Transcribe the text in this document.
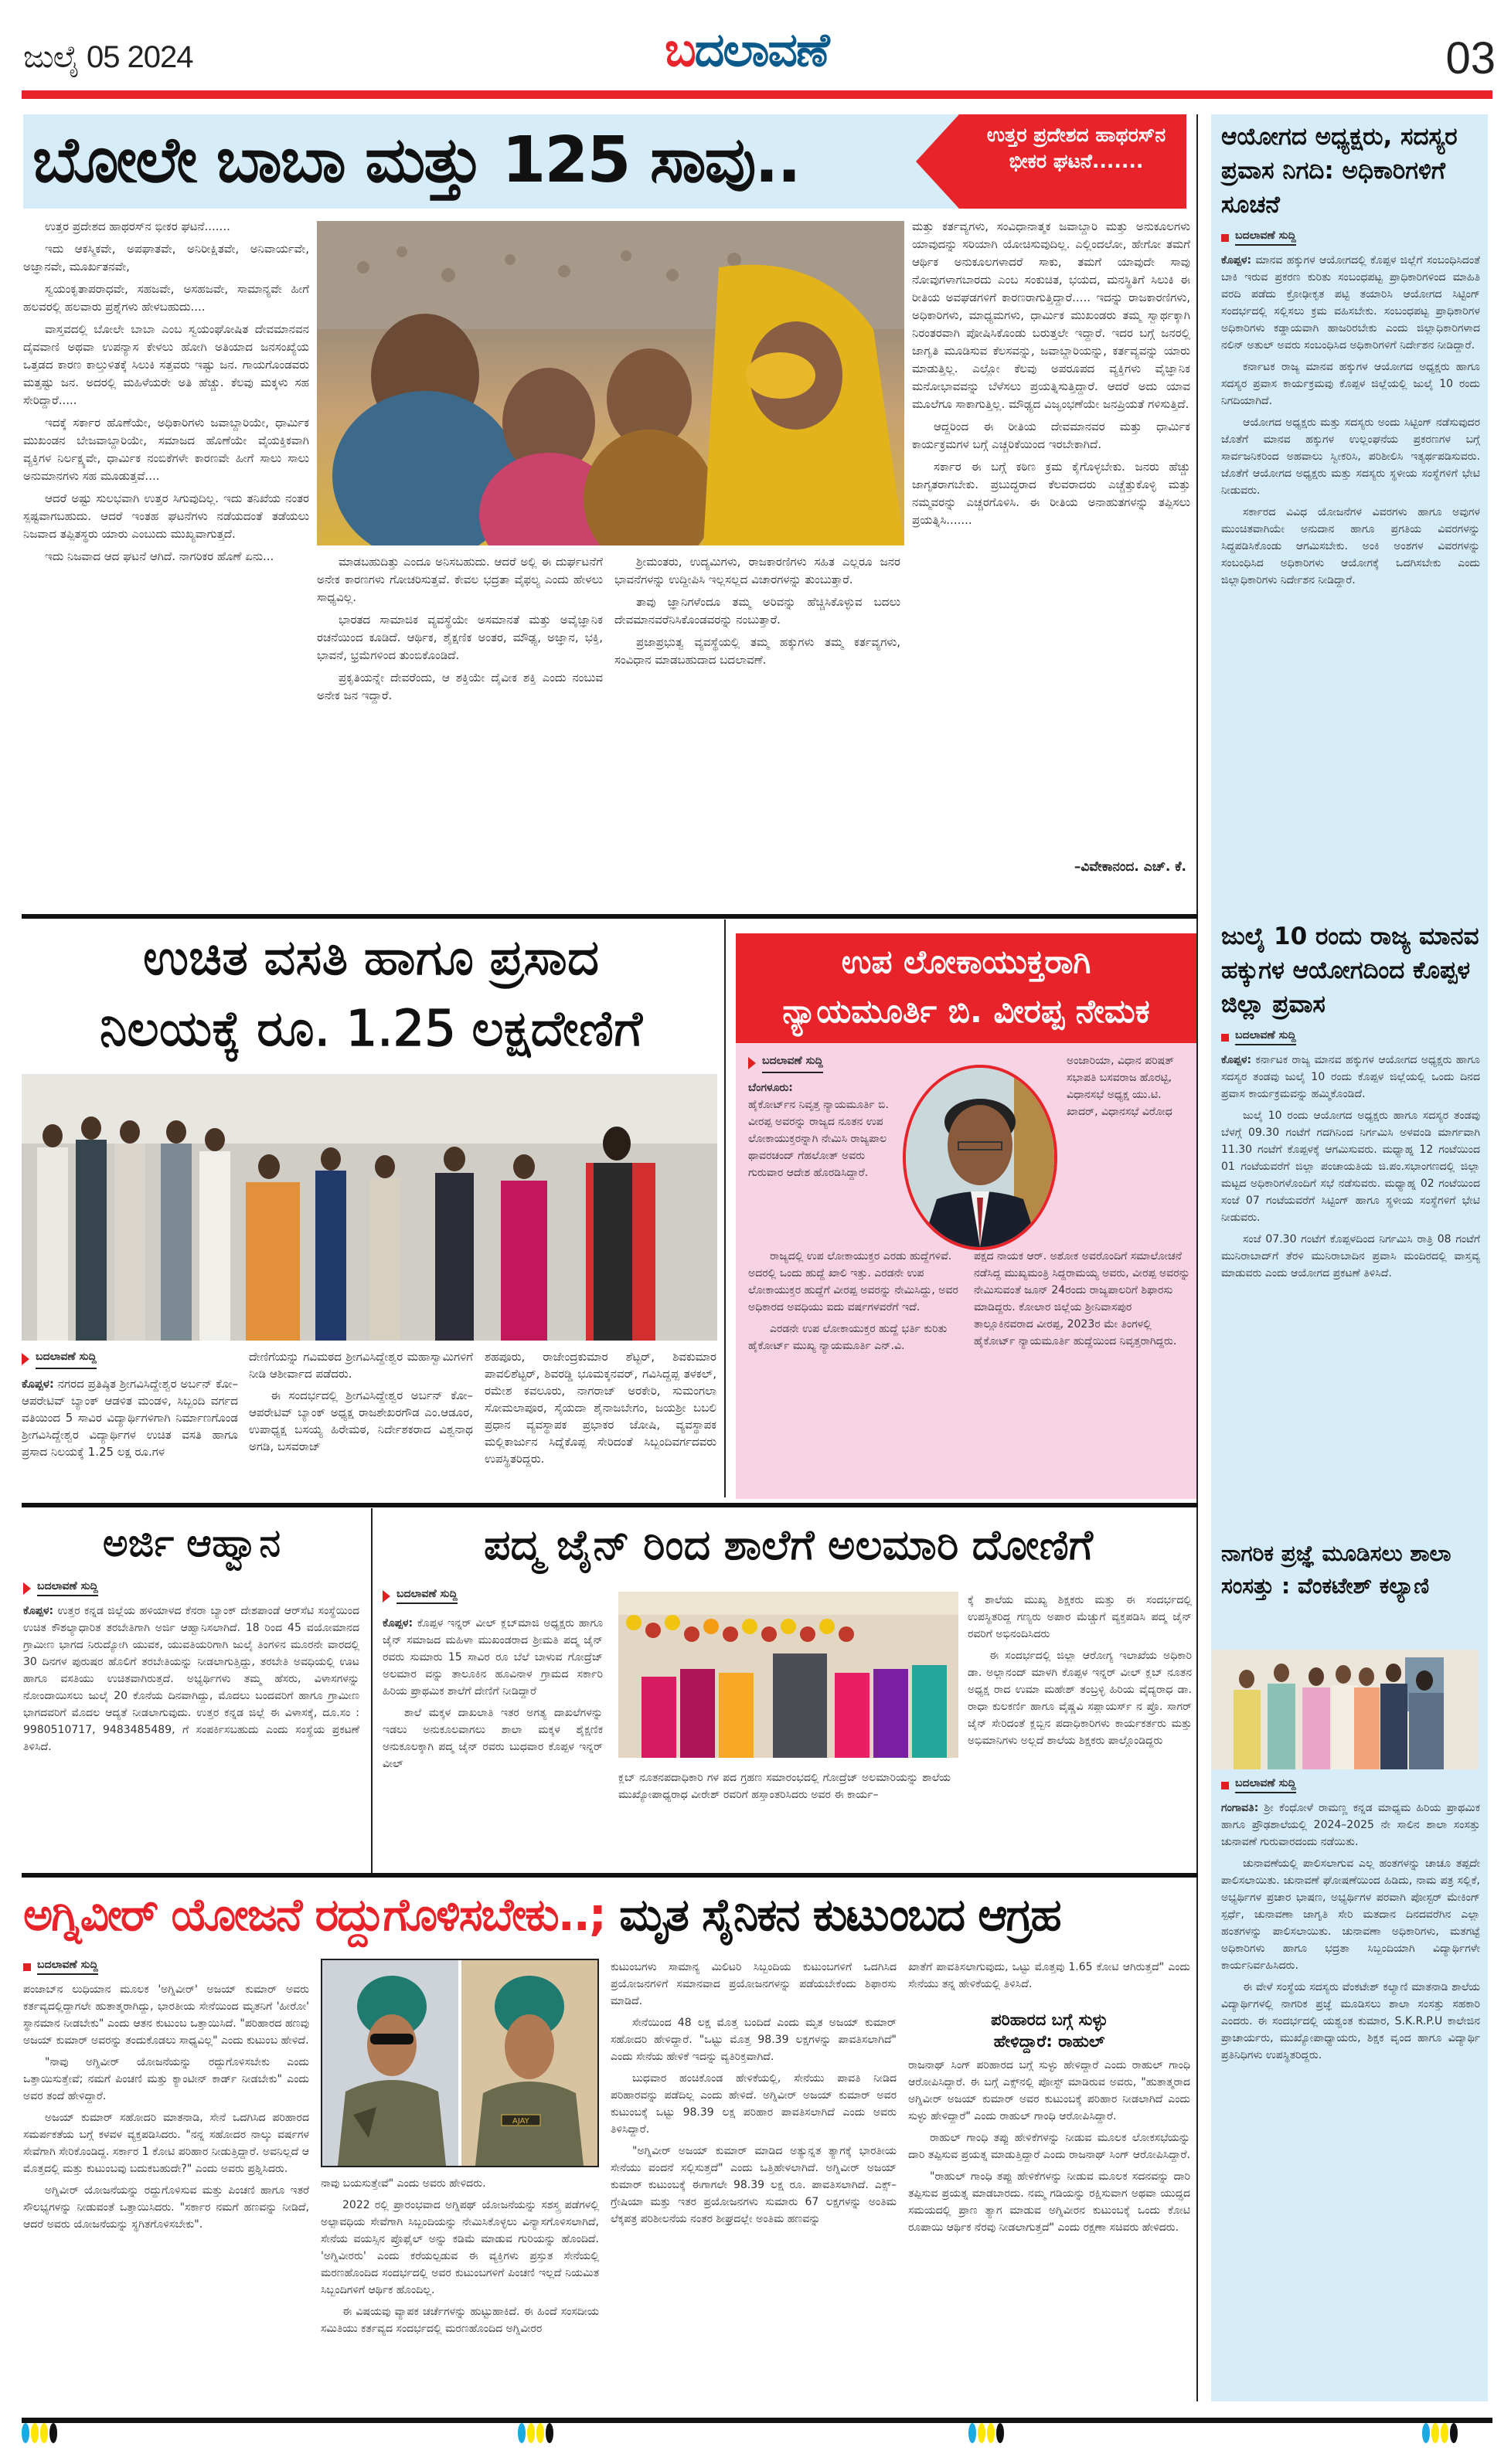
ಜುಲೈ 05 2024	ಬದಲಾವಣೆ	03
ಬೋಲೇ ಬಾಬಾ ಮತ್ತು 125 ಸಾವು..	ಉತ್ತರ ಪ್ರದೇಶದ ಹಾಥರಸ್‌ನ ಭೀಕರ ಘಟನೆ.......

ಉತ್ತರ ಪ್ರದೇಶದ ಹಾಥರಸ್‌ನ ಭೀಕರ ಘಟನೆ.......

ಇದು ಆಕಸ್ಮಿಕವೇ, ಅಪಘಾತವೇ, ಅನಿರೀಕ್ಷಿತವೇ, ಅನಿವಾರ್ಯವೇ, ಅಜ್ಞಾನವೇ, ಮೂರ್ಖತನವೇ,

ಸ್ವಯಂಕೃತಾಪರಾಧವೇ, ಸಹಜವೇ, ಅಸಹಜವೇ, ಸಾಮಾನ್ಯವೇ ಹೀಗೆ ಹಲವರಲ್ಲಿ ಹಲವಾರು ಪ್ರಶ್ನೆಗಳು ಹೇಳಬಹುದು....

ವಾಸ್ತವದಲ್ಲಿ ಬೋಲೇ ಬಾಬಾ ಎಂಬ ಸ್ವಯಂಘೋಷಿತ ದೇವಮಾನವನ ದೈವವಾಣಿ ಅಥವಾ ಉಪನ್ಯಾಸ ಕೇಳಲು ಹೋಗಿ ಅತಿಯಾದ ಜನಸಂಖ್ಯೆಯ ಒತ್ತಡದ ಕಾರಣ ಕಾಲ್ತುಳಿತಕ್ಕೆ ಸಿಲುಕಿ ಸತ್ತವರು ಇಷ್ಟು ಜನ. ಗಾಯಗೊಂಡವರು ಮತ್ತಷ್ಟು ಜನ. ಅದರಲ್ಲಿ ಮಹಿಳೆಯರೇ ಅತಿ ಹೆಚ್ಚು. ಕೆಲವು ಮಕ್ಕಳು ಸಹ ಸೇರಿದ್ದಾರೆ.....

ಇದಕ್ಕೆ ಸರ್ಕಾರ ಹೊಣೆಯೇ, ಅಧಿಕಾರಿಗಳು ಜವಾಬ್ದಾರಿಯೇ, ಧಾರ್ಮಿಕ ಮುಖಂಡನ ಬೇಜವಾಬ್ದಾರಿಯೇ, ಸಮಾಜದ ಹೊಣೆಯೇ ವೈಯಕ್ತಿಕವಾಗಿ ವ್ಯಕ್ತಿಗಳ ನಿರ್ಲಕ್ಷ್ಯವೇ, ಧಾರ್ಮಿಕ ನಂಬಿಕೆಗಳೇ ಕಾರಣವೇ ಹೀಗೆ ಸಾಲು ಸಾಲು ಅನುಮಾನಗಳು ಸಹ ಮೂಡುತ್ತವೆ....

ಆದರೆ ಅಷ್ಟು ಸುಲಭವಾಗಿ ಉತ್ತರ ಸಿಗುವುದಿಲ್ಲ. ಇದು ತನಿಖೆಯ ನಂತರ ಸ್ಪಷ್ಟವಾಗಬಹುದು. ಆದರೆ ಇಂತಹ ಘಟನೆಗಳು ನಡೆಯದಂತೆ ತಡೆಯಲು ನಿಜವಾದ ತಪ್ಪಿತಸ್ಥರು ಯಾರು ಎಂಬುದು ಮುಖ್ಯವಾಗುತ್ತದೆ.

ಇದು ನಿಜವಾದ ಆದ ಘಟನೆ ಆಗಿದೆ. ನಾಗರಿಕರ ಹೊಣೆ ಏನು...	ಮಾಡಬಹುದಿತ್ತು ಎಂದೂ ಅನಿಸಬಹುದು. ಆದರೆ ಅಲ್ಲಿ ಈ ದುರ್ಘಟನೆಗೆ ಅನೇಕ ಕಾರಣಗಳು ಗೋಚರಿಸುತ್ತವೆ. ಕೇವಲ ಭದ್ರತಾ ವೈಫಲ್ಯ ಎಂದು ಹೇಳಲು ಸಾಧ್ಯವಿಲ್ಲ.

ಭಾರತದ ಸಾಮಾಜಿಕ ವ್ಯವಸ್ಥೆಯೇ ಅಸಮಾನತೆ ಮತ್ತು ಅವೈಜ್ಞಾನಿಕ ರಚನೆಯಿಂದ ಕೂಡಿದೆ. ಆರ್ಥಿಕ, ಶೈಕ್ಷಣಿಕ ಅಂತರ, ಮೌಢ್ಯ, ಅಜ್ಞಾನ, ಭಕ್ತಿ, ಭಾವನೆ, ಭ್ರಮೆಗಳಿಂದ ತುಂಬಿಕೊಂಡಿದೆ.

ಪ್ರಕೃತಿಯನ್ನೇ ದೇವರೆಂದು, ಆ ಶಕ್ತಿಯೇ ದೈವೀಕ ಶಕ್ತಿ ಎಂದು ನಂಬುವ ಅನೇಕ ಜನ ಇದ್ದಾರೆ.

ಶ್ರೀಮಂತರು, ಉದ್ಯಮಿಗಳು, ರಾಜಕಾರಣಿಗಳು ಸಹಿತ ಎಲ್ಲರೂ ಜನರ ಭಾವನೆಗಳನ್ನು ಉದ್ದೀಪಿಸಿ ಇಲ್ಲಸಲ್ಲದ ವಿಚಾರಗಳನ್ನು ತುಂಬುತ್ತಾರೆ.

ತಾವು ಜ್ಞಾನಿಗಳೆಂದೂ ತಮ್ಮ ಅರಿವನ್ನು ಹೆಚ್ಚಿಸಿಕೊಳ್ಳುವ ಬದಲು ದೇವಮಾನವರೆನಿಸಿಕೊಂಡವರನ್ನು ನಂಬುತ್ತಾರೆ.

ಪ್ರಜಾಪ್ರಭುತ್ವ ವ್ಯವಸ್ಥೆಯಲ್ಲಿ ತಮ್ಮ ಹಕ್ಕುಗಳು ತಮ್ಮ ಕರ್ತವ್ಯಗಳು, ಸಂವಿಧಾನ ಮಾಡಬಹುದಾದ ಬದಲಾವಣೆ.

ಮತ್ತು ಕರ್ತವ್ಯಗಳು, ಸಂವಿಧಾನಾತ್ಮಕ ಜವಾಬ್ದಾರಿ ಮತ್ತು ಅನುಕೂಲಗಳು ಯಾವುದನ್ನು ಸರಿಯಾಗಿ ಯೋಚಿಸುವುದಿಲ್ಲ. ಎಲ್ಲಿಂದಲೋ, ಹೇಗೋ ತಮಗೆ ಆರ್ಥಿಕ ಅನುಕೂಲಗಳಾದರೆ ಸಾಕು, ತಮಗೆ ಯಾವುದೇ ಸಾವು ನೋವುಗಳಾಗಬಾರದು ಎಂಬ ಸಂಕುಚಿತ, ಭಯದ, ಮನಸ್ಥಿತಿಗೆ ಸಿಲುಕಿ ಈ ರೀತಿಯ ಅವಘಡಗಳಿಗೆ ಕಾರಣರಾಗುತ್ತಿದ್ದಾರೆ..... ಇದನ್ನು ರಾಜಕಾರಣಿಗಳು, ಅಧಿಕಾರಿಗಳು, ಮಾಧ್ಯಮಗಳು, ಧಾರ್ಮಿಕ ಮುಖಂಡರು ತಮ್ಮ ಸ್ವಾರ್ಥಕ್ಕಾಗಿ ನಿರಂತರವಾಗಿ ಪೋಷಿಸಿಕೊಂಡು ಬರುತ್ತಲೇ ಇದ್ದಾರೆ. ಇದರ ಬಗ್ಗೆ ಜನರಲ್ಲಿ ಜಾಗೃತಿ ಮೂಡಿಸುವ ಕೆಲಸವನ್ನು, ಜವಾಬ್ದಾರಿಯನ್ನು, ಕರ್ತವ್ಯವನ್ನು ಯಾರು ಮಾಡುತ್ತಿಲ್ಲ. ಎಲ್ಲೋ ಕೆಲವು ಅಪರೂಪದ ವ್ಯಕ್ತಿಗಳು ವೈಜ್ಞಾನಿಕ ಮನೋಭಾವವನ್ನು ಬೆಳೆಸಲು ಪ್ರಯತ್ನಿಸುತ್ತಿದ್ದಾರೆ. ಆದರೆ ಅದು ಯಾವ ಮೂಲೆಗೂ ಸಾಕಾಗುತ್ತಿಲ್ಲ. ಮೌಢ್ಯದ ವಿಜೃಂಭಣೆಯೇ ಜನಪ್ರಿಯತೆ ಗಳಿಸುತ್ತಿದೆ.

ಆದ್ದರಿಂದ ಈ ರೀತಿಯ ದೇವಮಾನವರ ಮತ್ತು ಧಾರ್ಮಿಕ ಕಾರ್ಯಕ್ರಮಗಳ ಬಗ್ಗೆ ಎಚ್ಚರಿಕೆಯಿಂದ ಇರಬೇಕಾಗಿದೆ.

ಸರ್ಕಾರ ಈ ಬಗ್ಗೆ ಕಠಿಣ ಕ್ರಮ ಕೈಗೊಳ್ಳಬೇಕು. ಜನರು ಹೆಚ್ಚು ಜಾಗೃತರಾಗಬೇಕು. ಪ್ರಬುದ್ಧರಾದ ಕೆಲವರಾದರು ಎಚ್ಚೆತ್ತುಕೊಳ್ಳಿ ಮತ್ತು ನಮ್ಮವರನ್ನು ಎಚ್ಚರಗೊಳಿಸಿ. ಈ ರೀತಿಯ ಅನಾಹುತಗಳನ್ನು ತಪ್ಪಿಸಲು ಪ್ರಯತ್ನಿಸಿ.......

–ವಿವೇಕಾನಂದ. ಎಚ್. ಕೆ.
ಆಯೋಗದ ಅಧ್ಯಕ್ಷರು, ಸದಸ್ಯರ ಪ್ರವಾಸ ನಿಗದಿ: ಅಧಿಕಾರಿಗಳಿಗೆ ಸೂಚನೆ
ಬದಲಾವಣೆ ಸುದ್ದಿ

ಕೊಪ್ಪಳ: ಮಾನವ ಹಕ್ಕುಗಳ ಆಯೋಗದಲ್ಲಿ ಕೊಪ್ಪಳ ಜಿಲ್ಲೆಗೆ ಸಂಬಂಧಿಸಿದಂತೆ ಬಾಕಿ ಇರುವ ಪ್ರಕರಣ ಕುರಿತು ಸಂಬಂಧಪಟ್ಟ ಪ್ರಾಧಿಕಾರಿಗಳಿಂದ ಮಾಹಿತಿ ವರದಿ ಪಡೆದು ಕ್ರೋಢೀಕೃತ ಪಟ್ಟಿ ತಯಾರಿಸಿ ಆಯೋಗದ ಸಿಟ್ಟಿಂಗ್ ಸಂದರ್ಭದಲ್ಲಿ ಸಲ್ಲಿಸಲು ಕ್ರಮ ವಹಿಸಬೇಕು. ಸಂಬಂಧಪಟ್ಟ ಪ್ರಾಧಿಕಾರಿಗಳ ಅಧಿಕಾರಿಗಳು ಕಡ್ಡಾಯವಾಗಿ ಹಾಜರಿರಬೇಕು ಎಂದು ಜಿಲ್ಲಾಧಿಕಾರಿಗಳಾದ ನಲಿನ್ ಅತುಲ್ ಅವರು ಸಂಬಂಧಿಸಿದ ಅಧಿಕಾರಿಗಳಿಗೆ ನಿರ್ದೇಶನ ನೀಡಿದ್ದಾರೆ.

ಕರ್ನಾಟಕ ರಾಜ್ಯ ಮಾನವ ಹಕ್ಕುಗಳ ಆಯೋಗದ ಅಧ್ಯಕ್ಷರು ಹಾಗೂ ಸದಸ್ಯರ ಪ್ರವಾಸ ಕಾರ್ಯಕ್ರಮವು ಕೊಪ್ಪಳ ಜಿಲ್ಲೆಯಲ್ಲಿ ಜುಲೈ 10 ರಂದು ನಿಗದಿಯಾಗಿದೆ.

ಆಯೋಗದ ಅಧ್ಯಕ್ಷರು ಮತ್ತು ಸದಸ್ಯರು ಅಂದು ಸಿಟ್ಟಿಂಗ್ ನಡೆಸುವುದರ ಜೊತೆಗೆ ಮಾನವ ಹಕ್ಕುಗಳ ಉಲ್ಲಂಘನೆಯ ಪ್ರಕರಣಗಳ ಬಗ್ಗೆ ಸಾರ್ವಜನಿಕರಿಂದ ಅಹವಾಲು ಸ್ವೀಕರಿಸಿ, ಪರಿಶೀಲಿಸಿ ಇತ್ಯರ್ಥಪಡಿಸುವರು. ಜೊತೆಗೆ ಆಯೋಗದ ಅಧ್ಯಕ್ಷರು ಮತ್ತು ಸದಸ್ಯರು ಸ್ಥಳೀಯ ಸಂಸ್ಥೆಗಳಿಗೆ ಭೇಟಿ ನೀಡುವರು.

ಸರ್ಕಾರದ ವಿವಿಧ ಯೋಜನೆಗಳ ವಿವರಗಳು ಹಾಗೂ ಅವುಗಳ ಮುಂಚಿತವಾಗಿಯೇ ಅನುದಾನ ಹಾಗೂ ಪ್ರಗತಿಯ ವಿವರಗಳನ್ನು ಸಿದ್ಧಪಡಿಸಿಕೊಂಡು ಆಗಮಿಸಬೇಕು. ಅಂಕಿ ಅಂಶಗಳ ವಿವರಗಳನ್ನು ಸಂಬಂಧಿಸಿದ ಅಧಿಕಾರಿಗಳು ಆಯೋಗಕ್ಕೆ ಒದಗಿಸಬೇಕು ಎಂದು ಜಿಲ್ಲಾಧಿಕಾರಿಗಳು ನಿರ್ದೇಶನ ನೀಡಿದ್ದಾರೆ.

ಜುಲೈ 10 ರಂದು ರಾಜ್ಯ ಮಾನವ ಹಕ್ಕುಗಳ ಆಯೋಗದಿಂದ ಕೊಪ್ಪಳ ಜಿಲ್ಲಾ ಪ್ರವಾಸ
ಬದಲಾವಣೆ ಸುದ್ದಿ

ಕೊಪ್ಪಳ: ಕರ್ನಾಟಕ ರಾಜ್ಯ ಮಾನವ ಹಕ್ಕುಗಳ ಆಯೋಗದ ಅಧ್ಯಕ್ಷರು ಹಾಗೂ ಸದಸ್ಯರ ತಂಡವು ಜುಲೈ 10 ರಂದು ಕೊಪ್ಪಳ ಜಿಲ್ಲೆಯಲ್ಲಿ ಒಂದು ದಿನದ ಪ್ರವಾಸ ಕಾರ್ಯಕ್ರಮವನ್ನು ಹಮ್ಮಿಕೊಂಡಿದೆ.

ಜುಲೈ 10 ರಂದು ಆಯೋಗದ ಅಧ್ಯಕ್ಷರು ಹಾಗೂ ಸದಸ್ಯರ ತಂಡವು ಬೆಳಗ್ಗೆ 09.30 ಗಂಟೆಗೆ ಗದಗಿನಿಂದ ನಿರ್ಗಮಿಸಿ ಅಳವಂಡಿ ಮಾರ್ಗವಾಗಿ 11.30 ಗಂಟೆಗೆ ಕೊಪ್ಪಳಕ್ಕೆ ಆಗಮಿಸುವರು. ಮಧ್ಯಾಹ್ನ 12 ಗಂಟೆಯಿಂದ 01 ಗಂಟೆಯವರೆಗೆ ಜಿಲ್ಲಾ ಪಂಚಾಯತಿಯ ಜಿ.ಪಂ.ಸಭಾಂಗಣದಲ್ಲಿ ಜಿಲ್ಲಾ ಮಟ್ಟದ ಅಧಿಕಾರಿಗಳೊಂದಿಗೆ ಸಭೆ ನಡೆಸುವರು. ಮಧ್ಯಾಹ್ನ 02 ಗಂಟೆಯಿಂದ ಸಂಜೆ 07 ಗಂಟೆಯವರೆಗೆ ಸಿಟ್ಟಿಂಗ್ ಹಾಗೂ ಸ್ಥಳೀಯ ಸಂಸ್ಥೆಗಳಿಗೆ ಭೇಟಿ ನೀಡುವರು.

ಸಂಜೆ 07.30 ಗಂಟೆಗೆ ಕೊಪ್ಪಳದಿಂದ ನಿರ್ಗಮಿಸಿ ರಾತ್ರಿ 08 ಗಂಟೆಗೆ ಮುನಿರಾಬಾದ್‌ಗೆ ತೆರಳಿ ಮುನಿರಾಬಾದಿನ ಪ್ರವಾಸಿ ಮಂದಿರದಲ್ಲಿ ವಾಸ್ತವ್ಯ ಮಾಡುವರು ಎಂದು ಆಯೋಗದ ಪ್ರಕಟಣೆ ತಿಳಿಸಿದೆ.

ನಾಗರಿಕ ಪ್ರಜ್ಞೆ ಮೂಡಿಸಲು ಶಾಲಾ ಸಂಸತ್ತು : ವೆಂಕಟೇಶ್ ಕಲ್ಯಾಣಿ
ಬದಲಾವಣೆ ಸುದ್ದಿ

ಗಂಗಾವತಿ: ಶ್ರೀ ಕೆಂಧೋಳೆ ರಾಮಣ್ಣ ಕನ್ನಡ ಮಾಧ್ಯಮ ಹಿರಿಯ ಪ್ರಾಥಮಿಕ ಹಾಗೂ ಪ್ರೌಢಶಾಲೆಯಲ್ಲಿ 2024–2025 ನೇ ಸಾಲಿನ ಶಾಲಾ ಸಂಸತ್ತು ಚುನಾವಣೆ ಗುರುವಾರದಂದು ನಡೆಯಿತು.

ಚುನಾವಣೆಯಲ್ಲಿ ಪಾಲಿಸಲಾಗುವ ಎಲ್ಲ ಹಂತಗಳನ್ನು ಚಾಚೂ ತಪ್ಪದೇ ಪಾಲಿಸಲಾಯಿತು. ಚುನಾವಣೆ ಘೋಷಣೆಯಿಂದ ಹಿಡಿದು, ನಾಮ ಪತ್ರ ಸಲ್ಲಿಕೆ, ಅಭ್ಯರ್ಥಿಗಳ ಪ್ರಚಾರ ಭಾಷಣ, ಅಭ್ಯರ್ಥಿಗಳ ಪರವಾಗಿ ಪೋಸ್ಟರ್ ಮೇಕಿಂಗ್ ಸ್ಪರ್ಧೆ, ಚುನಾವಣಾ ಜಾಗೃತಿ ಸೇರಿ ಮತದಾನ ದಿನದವರೆಗಿನ ಎಲ್ಲಾ ಹಂತಗಳನ್ನು ಪಾಲಿಸಲಾಯಿತು. ಚುನಾವಣಾ ಅಧಿಕಾರಿಗಳು, ಮತಗಟ್ಟೆ ಅಧಿಕಾರಿಗಳು ಹಾಗೂ ಭದ್ರತಾ ಸಿಬ್ಬಂದಿಯಾಗಿ ವಿದ್ಯಾರ್ಥಿಗಳೇ ಕಾರ್ಯನಿರ್ವಹಿಸಿದರು.

ಈ ವೇಳೆ ಸಂಸ್ಥೆಯ ಸದಸ್ಯರು ವೆಂಕಟೇಶ್ ಕಲ್ಯಾಣಿ ಮಾತನಾಡಿ ಶಾಲೆಯ ವಿದ್ಯಾರ್ಥಿಗಳಲ್ಲಿ ನಾಗರಿಕ ಪ್ರಜ್ಞೆ ಮೂಡಿಸಲು ಶಾಲಾ ಸಂಸತ್ತು ಸಹಕಾರಿ ಎಂದರು. ಈ ಸಂದರ್ಭದಲ್ಲಿ ಯಶ್ವಂತ ಕುಮಾರ, S.K.R.P.U ಕಾಲೇಜಿನ ಪ್ರಾಚಾರ್ಯರು, ಮುಖ್ಯೋಪಾಧ್ಯಾಯರು, ಶಿಕ್ಷಕ ವೃಂದ ಹಾಗೂ ವಿದ್ಯಾರ್ಥಿ ಪ್ರತಿನಿಧಿಗಳು ಉಪಸ್ಥಿತರಿದ್ದರು.

ಉಚಿತ ವಸತಿ ಹಾಗೂ ಪ್ರಸಾದ
ನಿಲಯಕ್ಕೆ ರೂ. 1.25 ಲಕ್ಷದೇಣಿಗೆ
ಬದಲಾವಣೆ ಸುದ್ದಿ

ಕೊಪ್ಪಳ: ನಗರದ ಪ್ರತಿಷ್ಠಿತ ಶ್ರೀಗವಿಸಿದ್ದೇಶ್ವರ ಅರ್ಬನ್ ಕೋ–ಆಪರೇಟಿವ್ ಬ್ಯಾಂಕ್ ಆಡಳಿತ ಮಂಡಳಿ, ಸಿಬ್ಬಂದಿ ವರ್ಗದ ವತಿಯಿಂದ 5 ಸಾವಿರ ವಿದ್ಯಾರ್ಥಿಗಳಿಗಾಗಿ ನಿರ್ಮಾಣಗೊಂಡ ಶ್ರೀಗವಿಸಿದ್ದೇಶ್ವರ ವಿದ್ಯಾರ್ಥಿಗಳ ಉಚಿತ ವಸತಿ ಹಾಗೂ ಪ್ರಸಾದ ನಿಲಯಕ್ಕೆ 1.25 ಲಕ್ಷ ರೂ.ಗಳ

ದೇಣಿಗೆಯನ್ನು ಗವಿಮಠದ ಶ್ರೀಗವಿಸಿದ್ದೇಶ್ವರ ಮಹಾಸ್ವಾಮಿಗಳಿಗೆ ನೀಡಿ ಆಶೀರ್ವಾದ ಪಡೆದರು.

ಈ ಸಂದರ್ಭದಲ್ಲಿ ಶ್ರೀಗವಿಸಿದ್ದೇಶ್ವರ ಅರ್ಬನ್ ಕೋ–ಆಪರೇಟಿವ್ ಬ್ಯಾಂಕ್ ಅಧ್ಯಕ್ಷ ರಾಜಶೇಖರಗೌಡ ಎಂ.ಆಡೂರ, ಉಪಾಧ್ಯಕ್ಷ ಬಸಯ್ಯ ಹಿರೇಮಠ, ನಿರ್ದೇಶಕರಾದ ವಿಶ್ವನಾಥ ಅಗಡಿ, ಬಸವರಾಜ್

ಶಹಪೂರು, ರಾಜೇಂದ್ರಕುಮಾರ ಶೆಟ್ಟರ್, ಶಿವಕುಮಾರ ಪಾವಲಿಶೆಟ್ಟರ್, ಶಿವರಡ್ಡಿ ಭೂಮಕ್ಕನವರ್, ಗವಿಸಿದ್ದಪ್ಪ ತಳಕಲ್, ರಮೇಶ ಕವಲೂರು, ನಾಗರಾಜ್ ಅರಕೇರಿ, ಸುಮಂಗಲಾ ಸೋಮಲಾಪೂರ, ಸೈಯದಾ ಶೈನಾಜಬೇಗಂ, ಜಯಶ್ರೀ ಬಬಲಿ ಪ್ರಧಾನ ವ್ಯವಸ್ಥಾಪಕ ಪ್ರಭಾಕರ ಜೋಷಿ, ವ್ಯವಸ್ಥಾಪಕ ಮಲ್ಲಿಕಾರ್ಜುನ ಸಿದ್ನೆಕೊಪ್ಪ ಸೇರಿದಂತೆ ಸಿಬ್ಬಂದಿವರ್ಗದವರು ಉಪಸ್ಥಿತರಿದ್ದರು.

ಉಪ ಲೋಕಾಯುಕ್ತರಾಗಿ
ನ್ಯಾಯಮೂರ್ತಿ ಬಿ. ವೀರಪ್ಪ ನೇಮಕ
ಬದಲಾವಣೆ ಸುದ್ದಿ

ಬೆಂಗಳೂರು:
ಹೈಕೋರ್ಟ್‌ನ ನಿವೃತ್ತ ನ್ಯಾಯಮೂರ್ತಿ ಬಿ. ವೀರಪ್ಪ ಅವರನ್ನು ರಾಜ್ಯದ ನೂತನ ಉಪ ಲೋಕಾಯುಕ್ತರನ್ನಾಗಿ ನೇಮಿಸಿ ರಾಜ್ಯಪಾಲ ಥಾವರಚಂದ್ ಗೆಹಲೋತ್ ಅವರು ಗುರುವಾರ ಆದೇಶ ಹೊರಡಿಸಿದ್ದಾರೆ.

ಅಂಜಾರಿಯಾ, ವಿಧಾನ ಪರಿಷತ್ ಸಭಾಪತಿ ಬಸವರಾಜ ಹೊರಟ್ಟಿ, ವಿಧಾನಸಭೆ ಅಧ್ಯಕ್ಷ ಯು.ಟಿ. ಖಾದರ್, ವಿಧಾನಸಭೆ ವಿರೋಧ

ರಾಜ್ಯದಲ್ಲಿ ಉಪ ಲೋಕಾಯುಕ್ತರ ಎರಡು ಹುದ್ದೆಗಳಿವೆ. ಅದರಲ್ಲಿ ಒಂದು ಹುದ್ದೆ ಖಾಲಿ ಇತ್ತು. ಎರಡನೇ ಉಪ ಲೋಕಾಯುಕ್ತರ ಹುದ್ದೆಗೆ ವೀರಪ್ಪ ಅವರನ್ನು ನೇಮಿಸಿದ್ದು, ಅವರ ಅಧಿಕಾರದ ಅವಧಿಯು ಐದು ವರ್ಷಗಳವರೆಗೆ ಇದೆ.

ಎರಡನೇ ಉಪ ಲೋಕಾಯುಕ್ತರ ಹುದ್ದೆ ಭರ್ತಿ ಕುರಿತು ಹೈಕೋರ್ಟ್ ಮುಖ್ಯ ನ್ಯಾಯಮೂರ್ತಿ ಎನ್.ವಿ.

ಪಕ್ಷದ ನಾಯಕ ಆರ್. ಅಶೋಕ ಅವರೊಂದಿಗೆ ಸಮಾಲೋಚನೆ ನಡೆಸಿದ್ದ ಮುಖ್ಯಮಂತ್ರಿ ಸಿದ್ದರಾಮಯ್ಯ ಅವರು, ವೀರಪ್ಪ ಅವರನ್ನು ನೇಮಿಸುವಂತೆ ಜೂನ್ 24ರಂದು ರಾಜ್ಯಪಾಲರಿಗೆ ಶಿಫಾರಸು ಮಾಡಿದ್ದರು. ಕೋಲಾರ ಜಿಲ್ಲೆಯ ಶ್ರೀನಿವಾಸಪುರ ತಾಲ್ಲೂಕಿನವರಾದ ವೀರಪ್ಪ, 2023ರ ಮೇ ತಿಂಗಳಲ್ಲಿ ಹೈಕೋರ್ಟ್ ನ್ಯಾಯಮೂರ್ತಿ ಹುದ್ದೆಯಿಂದ ನಿವೃತ್ತರಾಗಿದ್ದರು.

ಅರ್ಜಿ ಆಹ್ವಾನ
ಬದಲಾವಣೆ ಸುದ್ದಿ

ಕೊಪ್ಪಳ: ಉತ್ತರ ಕನ್ನಡ ಜಿಲ್ಲೆಯ ಹಳಿಯಾಳದ ಕೆನರಾ ಬ್ಯಾಂಕ್ ದೇಶಪಾಂಡೆ ಆರ್‌ಸೆಟಿ ಸಂಸ್ಥೆಯಿಂದ ಉಚಿತ ಕೌಶಲ್ಯಾಧಾರಿತ ತರಬೇತಿಗಾಗಿ ಅರ್ಜಿ ಆಹ್ವಾನಿಸಲಾಗಿದೆ. 18 ರಿಂದ 45 ವಯೋಮಾನದ ಗ್ರಾಮೀಣ ಭಾಗದ ನಿರುದ್ಯೋಗಿ ಯುವಕ, ಯುವತಿಯರಿಗಾಗಿ ಜುಲೈ ತಿಂಗಳಿನ ಮೂರನೇ ವಾರದಲ್ಲಿ 30 ದಿನಗಳ ಪುರುಷರ ಹೊಲಿಗೆ ತರಬೇತಿಯನ್ನು ನೀಡಲಾಗುತ್ತಿದ್ದು, ತರಬೇತಿ ಅವಧಿಯಲ್ಲಿ ಊಟ ಹಾಗೂ ವಸತಿಯು ಉಚಿತವಾಗಿರುತ್ತದೆ. ಅಭ್ಯರ್ಥಿಗಳು ತಮ್ಮ ಹೆಸರು, ವಿಳಾಸಗಳನ್ನು ನೋಂದಾಯಿಸಲು ಜುಲೈ 20 ಕೊನೆಯ ದಿನವಾಗಿದ್ದು, ಮೊದಲು ಬಂದವರಿಗೆ ಹಾಗೂ ಗ್ರಾಮೀಣ ಭಾಗದವರಿಗೆ ಮೊದಲ ಆದ್ಯತೆ ನೀಡಲಾಗುವುದು. ಉತ್ತರ ಕನ್ನಡ ಜಿಲ್ಲೆ ಈ ವಿಳಾಸಕ್ಕೆ, ದೂ.ಸಂ : 9980510717, 9483485489, ಗೆ ಸಂಪರ್ಕಿಸಬಹುದು ಎಂದು ಸಂಸ್ಥೆಯ ಪ್ರಕಟಣೆ ತಿಳಿಸಿದೆ.

ಪದ್ಮ ಜೈನ್ ರಿಂದ ಶಾಲೆಗೆ ಅಲಮಾರಿ ದೋಣಿಗೆ
ಬದಲಾವಣೆ ಸುದ್ದಿ

ಕೊಪ್ಪಳ: ಕೊಪ್ಪಳ ಇನ್ನರ್ ವೀಲ್ ಕ್ಲಬ್‌ಮಾಜಿ ಅಧ್ಯಕ್ಷರು ಹಾಗೂ ಜೈನ್ ಸಮಾಜದ ಮಹಿಳಾ ಮುಖಂಡರಾದ ಶ್ರೀಮತಿ ಪದ್ಮ ಜೈನ್ ರವರು ಸುಮಾರು 15 ಸಾವಿರ ರೂ ಬೆಲೆ ಬಾಳುವ ಗೋದ್ರೆಜ್ ಅಲಮಾರ ವನ್ನು ತಾಲೂಕಿನ ಹೂವಿನಾಳ ಗ್ರಾಮದ ಸರ್ಕಾರಿ ಹಿರಿಯ ಪ್ರಾಥಮಿಕ ಶಾಲೆಗೆ ದೇಣಿಗೆ ನೀಡಿದ್ದಾರೆ

ಶಾಲೆ ಮಕ್ಕಳ ದಾಖಲಾತಿ ಇತರ ಅಗತ್ಯ ದಾಖಲೆಗಳನ್ನು ಇಡಲು ಅನುಕೂಲವಾಗಲು ಶಾಲಾ ಮಕ್ಕಳ ಶೈಕ್ಷಣಿಕ ಅನುಕೂಲಕ್ಕಾಗಿ ಪದ್ಮ ಜೈನ್ ರವರು ಬುಧವಾರ ಕೊಪ್ಪಳ ಇನ್ನರ್ ವೀಲ್

ಕ್ಲಬ್ ನೂತನಪದಾಧಿಕಾರಿ ಗಳ ಪದ ಗ್ರಹಣ ಸಮಾರಂಭದಲ್ಲಿ ಗೋದ್ರೆಜ್ ಅಲಮಾರಿಯನ್ನು ಶಾಲೆಯ ಮುಖ್ಯೋಪಾಧ್ಯರಾಧ ವೀರೇಶ್ ರವರಿಗೆ ಹಸ್ತಾಂತರಿಸಿದರು ಅವರ ಈ ಕಾರ್ಯ–

ಕ್ಕೆ ಶಾಲೆಯ ಮುಖ್ಯ ಶಿಕ್ಷಕರು ಮತ್ತು ಈ ಸಂದರ್ಭದಲ್ಲಿ ಉಪಸ್ಥಿತರಿದ್ದ ಗಣ್ಯರು ಅಪಾರ ಮೆಚ್ಚುಗೆ ವ್ಯಕ್ತಪಡಿಸಿ ಪದ್ಮ ಜೈನ್ ರವರಿಗೆ ಅಭಿನಂದಿಸಿದರು

ಈ ಸಂದರ್ಭದಲ್ಲಿ ಜಿಲ್ಲಾ ಆರೋಗ್ಯ ಇಲಾಖೆಯ ಅಧಿಕಾರಿ ಡಾ. ಅಲ್ಲಾನಂದ್ ಮಾಳಗಿ ಕೊಪ್ಪಳ ಇನ್ನರ್ ವೀಲ್ ಕ್ಲಬ್ ನೂತನ ಅಧ್ಯಕ್ಷ ರಾದ ಉಮಾ ಮಹೇಶ್ ತಂಬ್ರಳ್ಳಿ ಹಿರಿಯ ವೈದ್ಯರಾಧ ಡಾ. ರಾಧಾ ಕುಲಕರ್ಣಿ ಹಾಗೂ ವೈಷ್ಣವಿ ಸಪ್ಲಾಯರ್ಸ್ ನ ಪ್ರೊ. ಸಾಗರ್ ಜೈನ್ ಸೇರಿದಂತೆ ಕ್ಲಬ್ಬಿನ ಪದಾಧಿಕಾರಿಗಳು ಕಾರ್ಯಕರ್ತರು ಮತ್ತು ಅಭಿಮಾನಿಗಳು ಅಲ್ಲದೆ ಶಾಲೆಯ ಶಿಕ್ಷಕರು ಪಾಲ್ಗೊಂಡಿದ್ದರು

ಅಗ್ನಿವೀರ್ ಯೋಜನೆ ರದ್ದುಗೊಳಿಸಬೇಕು..; ಮೃತ ಸೈನಿಕನ ಕುಟುಂಬದ ಆಗ್ರಹ
ಬದಲಾವಣೆ ಸುದ್ದಿ

ಪಂಜಾಬ್‌ನ ಲುಧಿಯಾನ ಮೂಲಕ 'ಅಗ್ನಿವೀರ್' ಅಜಯ್ ಕುಮಾರ್ ಅವರು ಕರ್ತವ್ಯದಲ್ಲಿದ್ದಾಗಲೇ ಹುತಾತ್ಮರಾಗಿದ್ದು, ಭಾರತೀಯ ಸೇನೆಯಿಂದ ಮೃತನಿಗೆ 'ಹೀರೋ' ಸ್ಥಾನಮಾನ ನೀಡಬೇಕು" ಎಂದು ಆತನ ಕುಟುಂಬ ಒತ್ತಾಯಿಸಿದೆ. "ಪರಿಹಾರದ ಹಣವು ಅಜಯ್ ಕುಮಾರ್ ಅವರನ್ನು ತಂದುಕೊಡಲು ಸಾಧ್ಯವಿಲ್ಲ" ಎಂದು ಕುಟುಂಬ ಹೇಳಿದೆ.

"ನಾವು ಅಗ್ನಿವೀರ್ ಯೋಜನೆಯನ್ನು ರದ್ದುಗೊಳಿಸಬೇಕು ಎಂದು ಒತ್ತಾಯಿಸುತ್ತೇವೆ; ನಮಗೆ ಪಿಂಚಣಿ ಮತ್ತು ಕ್ಯಾಂಟೀನ್ ಕಾರ್ಡ್ ನೀಡಬೇಕು" ಎಂದು ಅವರ ತಂದೆ ಹೇಳಿದ್ದಾರೆ.

ಅಜಯ್ ಕುಮಾರ್ ಸಹೋದರಿ ಮಾತನಾಡಿ, ಸೇನೆ ಒದಗಿಸಿದ ಪರಿಹಾರದ ಸಮರ್ಪಕತೆಯ ಬಗ್ಗೆ ಕಳವಳ ವ್ಯಕ್ತಪಡಿಸಿದರು. "ನನ್ನ ಸಹೋದರ ನಾಲ್ಕು ವರ್ಷಗಳ ಸೇವೆಗಾಗಿ ಸೇರಿಕೊಂಡಿದ್ದ. ಸರ್ಕಾರ 1 ಕೋಟಿ ಪರಿಹಾರ ನೀಡುತ್ತಿದ್ದಾರೆ. ಅವನಿಲ್ಲದೆ ಆ ಮೊತ್ತದಲ್ಲಿ ಮತ್ತು ಕುಟುಂಬವು ಬದುಕಬಹುದೇ?" ಎಂದು ಅವರು ಪ್ರಶ್ನಿಸಿದರು.

ಅಗ್ನಿವೀರ್ ಯೋಜನೆಯನ್ನು ರದ್ದುಗೊಳಿಸುವ ಮತ್ತು ಪಿಂಚಣಿ ಹಾಗೂ ಇತರೆ ಸೌಲಭ್ಯಗಳನ್ನು ನೀಡುವಂತೆ ಒತ್ತಾಯಿಸಿದರು. "ಸರ್ಕಾರ ನಮಗೆ ಹಣವನ್ನು ನೀಡಿದೆ, ಆದರೆ ಅವರು ಯೋಜನೆಯನ್ನು ಸ್ಥಗಿತಗೊಳಿಸಬೇಕು".

AJAY

ನಾವು ಬಯಸುತ್ತೇವೆ" ಎಂದು ಅವರು ಹೇಳಿದರು.

2022 ರಲ್ಲಿ ಪ್ರಾರಂಭವಾದ ಅಗ್ನಿಪಥ್ ಯೋಜನೆಯನ್ನು ಸಶಸ್ತ್ರ ಪಡೆಗಳಲ್ಲಿ ಅಲ್ಪಾವಧಿಯ ಸೇವೆಗಾಗಿ ಸಿಬ್ಬಂದಿಯನ್ನು ನೇಮಿಸಿಕೊಳ್ಳಲು ವಿನ್ಯಾಸಗೊಳಿಸಲಾಗಿದೆ, ಸೇನೆಯ ವಯಸ್ಸಿನ ಪ್ರೊಫೈಲ್ ಅನ್ನು ಕಡಿಮೆ ಮಾಡುವ ಗುರಿಯನ್ನು ಹೊಂದಿದೆ. 'ಅಗ್ನಿವೀರರು' ಎಂದು ಕರೆಯಲ್ಪಡುವ ಈ ವ್ಯಕ್ತಿಗಳು ಪ್ರಸ್ತುತ ಸೇನೆಯಲ್ಲಿ ಮರಣಹೊಂದಿದ ಸಂದರ್ಭದಲ್ಲಿ ಅವರ ಕುಟುಂಬಗಳಿಗೆ ಪಿಂಚಣಿ ಇಲ್ಲದೆ ನಿಯಮಿತ ಸಿಬ್ಬಂದಿಗಳಿಗೆ ಆರ್ಥಿಕ ಹೊಂದಿಲ್ಲ.

ಈ ವಿಷಯವು ವ್ಯಾಪಕ ಚರ್ಚೆಗಳನ್ನು ಹುಟ್ಟುಹಾಕಿದೆ. ಈ ಹಿಂದೆ ಸಂಸದೀಯ ಸಮಿತಿಯು ಕರ್ತವ್ಯದ ಸಂದರ್ಭದಲ್ಲಿ ಮರಣಹೊಂದಿದ ಅಗ್ನಿವೀರರ

ಕುಟುಂಬಗಳು ಸಾಮಾನ್ಯ ಮಿಲಿಟರಿ ಸಿಬ್ಬಂದಿಯ ಕುಟುಂಬಗಳಿಗೆ ಒದಗಿಸಿದ ಪ್ರಯೋಜನಗಳಿಗೆ ಸಮಾನವಾದ ಪ್ರಯೋಜನಗಳನ್ನು ಪಡೆಯಬೇಕೆಂದು ಶಿಫಾರಸು ಮಾಡಿದೆ.

ಸೇನೆಯಿಂದ 48 ಲಕ್ಷ ಮೊತ್ತ ಬಂದಿದೆ ಎಂದು ಮೃತ ಅಜಯ್ ಕುಮಾರ್ ಸಹೋದರಿ ಹೇಳಿದ್ದಾರೆ. "ಒಟ್ಟು ಮೊತ್ತ 98.39 ಲಕ್ಷಗಳನ್ನು ಪಾವತಿಸಲಾಗಿದೆ" ಎಂದು ಸೇನೆಯ ಹೇಳಿಕೆ ಇದನ್ನು ವ್ಯತಿರಿಕ್ತವಾಗಿದೆ.

ಬುಧವಾರ ಹಂಚಿಕೊಂಡ ಹೇಳಿಕೆಯಲ್ಲಿ, ಸೇನೆಯು ಪಾವತಿ ನೀಡಿದ ಪರಿಹಾರವನ್ನು ಪಡೆದಿಲ್ಲ ಎಂದು ಹೇಳಿದೆ. ಅಗ್ನಿವೀರ್ ಅಜಯ್ ಕುಮಾರ್ ಅವರ ಕುಟುಂಬಕ್ಕೆ ಒಟ್ಟು 98.39 ಲಕ್ಷ ಪರಿಹಾರ ಪಾವತಿಸಲಾಗಿದೆ ಎಂದು ಅವರು ತಿಳಿಸಿದ್ದಾರೆ.

"ಅಗ್ನಿವೀರ್ ಅಜಯ್ ಕುಮಾರ್ ಮಾಡಿದ ಅತ್ಯುನ್ನತ ತ್ಯಾಗಕ್ಕೆ ಭಾರತೀಯ ಸೇನೆಯು ವಂದನೆ ಸಲ್ಲಿಸುತ್ತದೆ" ಎಂದು ಒತ್ತಿಹೇಳಲಾಗಿದೆ. ಅಗ್ನಿವೀರ್ ಅಜಯ್ ಕುಮಾರ್ ಕುಟುಂಬಕ್ಕೆ ಈಗಾಗಲೇ 98.39 ಲಕ್ಷ ರೂ. ಪಾವತಿಸಲಾಗಿದೆ. ಎಕ್ಸ್–ಗ್ರೇಷಿಯಾ ಮತ್ತು ಇತರ ಪ್ರಯೋಜನಗಳು ಸುಮಾರು 67 ಲಕ್ಷಗಳನ್ನು ಅಂತಿಮ ಲೆಕ್ಕಪತ್ರ ಪರಿಶೀಲನೆಯ ನಂತರ ಶೀಘ್ರದಲ್ಲೇ ಅಂತಿಮ ಹಣವನ್ನು

ಖಾತೆಗೆ ಪಾವತಿಸಲಾಗುವುದು, ಒಟ್ಟು ಮೊತ್ತವು 1.65 ಕೋಟಿ ಆಗಿರುತ್ತದೆ" ಎಂದು ಸೇನೆಯು ತನ್ನ ಹೇಳಿಕೆಯಲ್ಲಿ ತಿಳಿಸಿದೆ.

ಪರಿಹಾರದ ಬಗ್ಗೆ ಸುಳ್ಳು
ಹೇಳಿದ್ದಾರೆ: ರಾಹುಲ್

ರಾಜನಾಥ್ ಸಿಂಗ್ ಪರಿಹಾರದ ಬಗ್ಗೆ ಸುಳ್ಳು ಹೇಳಿದ್ದಾರೆ ಎಂದು ರಾಹುಲ್ ಗಾಂಧಿ ಆರೋಪಿಸಿದ್ದಾರೆ. ಈ ಬಗ್ಗೆ ಎಕ್ಸ್‌ನಲ್ಲಿ ಪೋಸ್ಟ್ ಮಾಡಿರುವ ಅವರು, "ಹುತಾತ್ಮರಾದ ಅಗ್ನಿವೀರ್ ಅಜಯ್ ಕುಮಾರ್ ಅವರ ಕುಟುಂಬಕ್ಕೆ ಪರಿಹಾರ ನೀಡಲಾಗಿದೆ ಎಂದು ಸುಳ್ಳು ಹೇಳಿದ್ದಾರೆ" ಎಂದು ರಾಹುಲ್ ಗಾಂಧಿ ಆರೋಪಿಸಿದ್ದಾರೆ.

ರಾಹುಲ್ ಗಾಂಧಿ ತಪ್ಪು ಹೇಳಿಕೆಗಳನ್ನು ನೀಡುವ ಮೂಲಕ ಲೋಕಸಭೆಯನ್ನು ದಾರಿ ತಪ್ಪಿಸುವ ಪ್ರಯತ್ನ ಮಾಡುತ್ತಿದ್ದಾರೆ ಎಂದು ರಾಜನಾಥ್ ಸಿಂಗ್ ಆರೋಪಿಸಿದ್ದಾರೆ.

"ರಾಹುಲ್ ಗಾಂಧಿ ತಪ್ಪು ಹೇಳಿಕೆಗಳನ್ನು ನೀಡುವ ಮೂಲಕ ಸದನವನ್ನು ದಾರಿ ತಪ್ಪಿಸುವ ಪ್ರಯತ್ನ ಮಾಡಬಾರದು. ನಮ್ಮ ಗಡಿಯನ್ನು ರಕ್ಷಿಸುವಾಗ ಅಥವಾ ಯುದ್ಧದ ಸಮಯದಲ್ಲಿ ಪ್ರಾಣ ತ್ಯಾಗ ಮಾಡುವ ಅಗ್ನಿವೀರನ ಕುಟುಂಬಕ್ಕೆ ಒಂದು ಕೋಟಿ ರೂಪಾಯಿ ಆರ್ಥಿಕ ನೆರವು ನೀಡಲಾಗುತ್ತದೆ" ಎಂದು ರಕ್ಷಣಾ ಸಚಿವರು ಹೇಳಿದರು.
